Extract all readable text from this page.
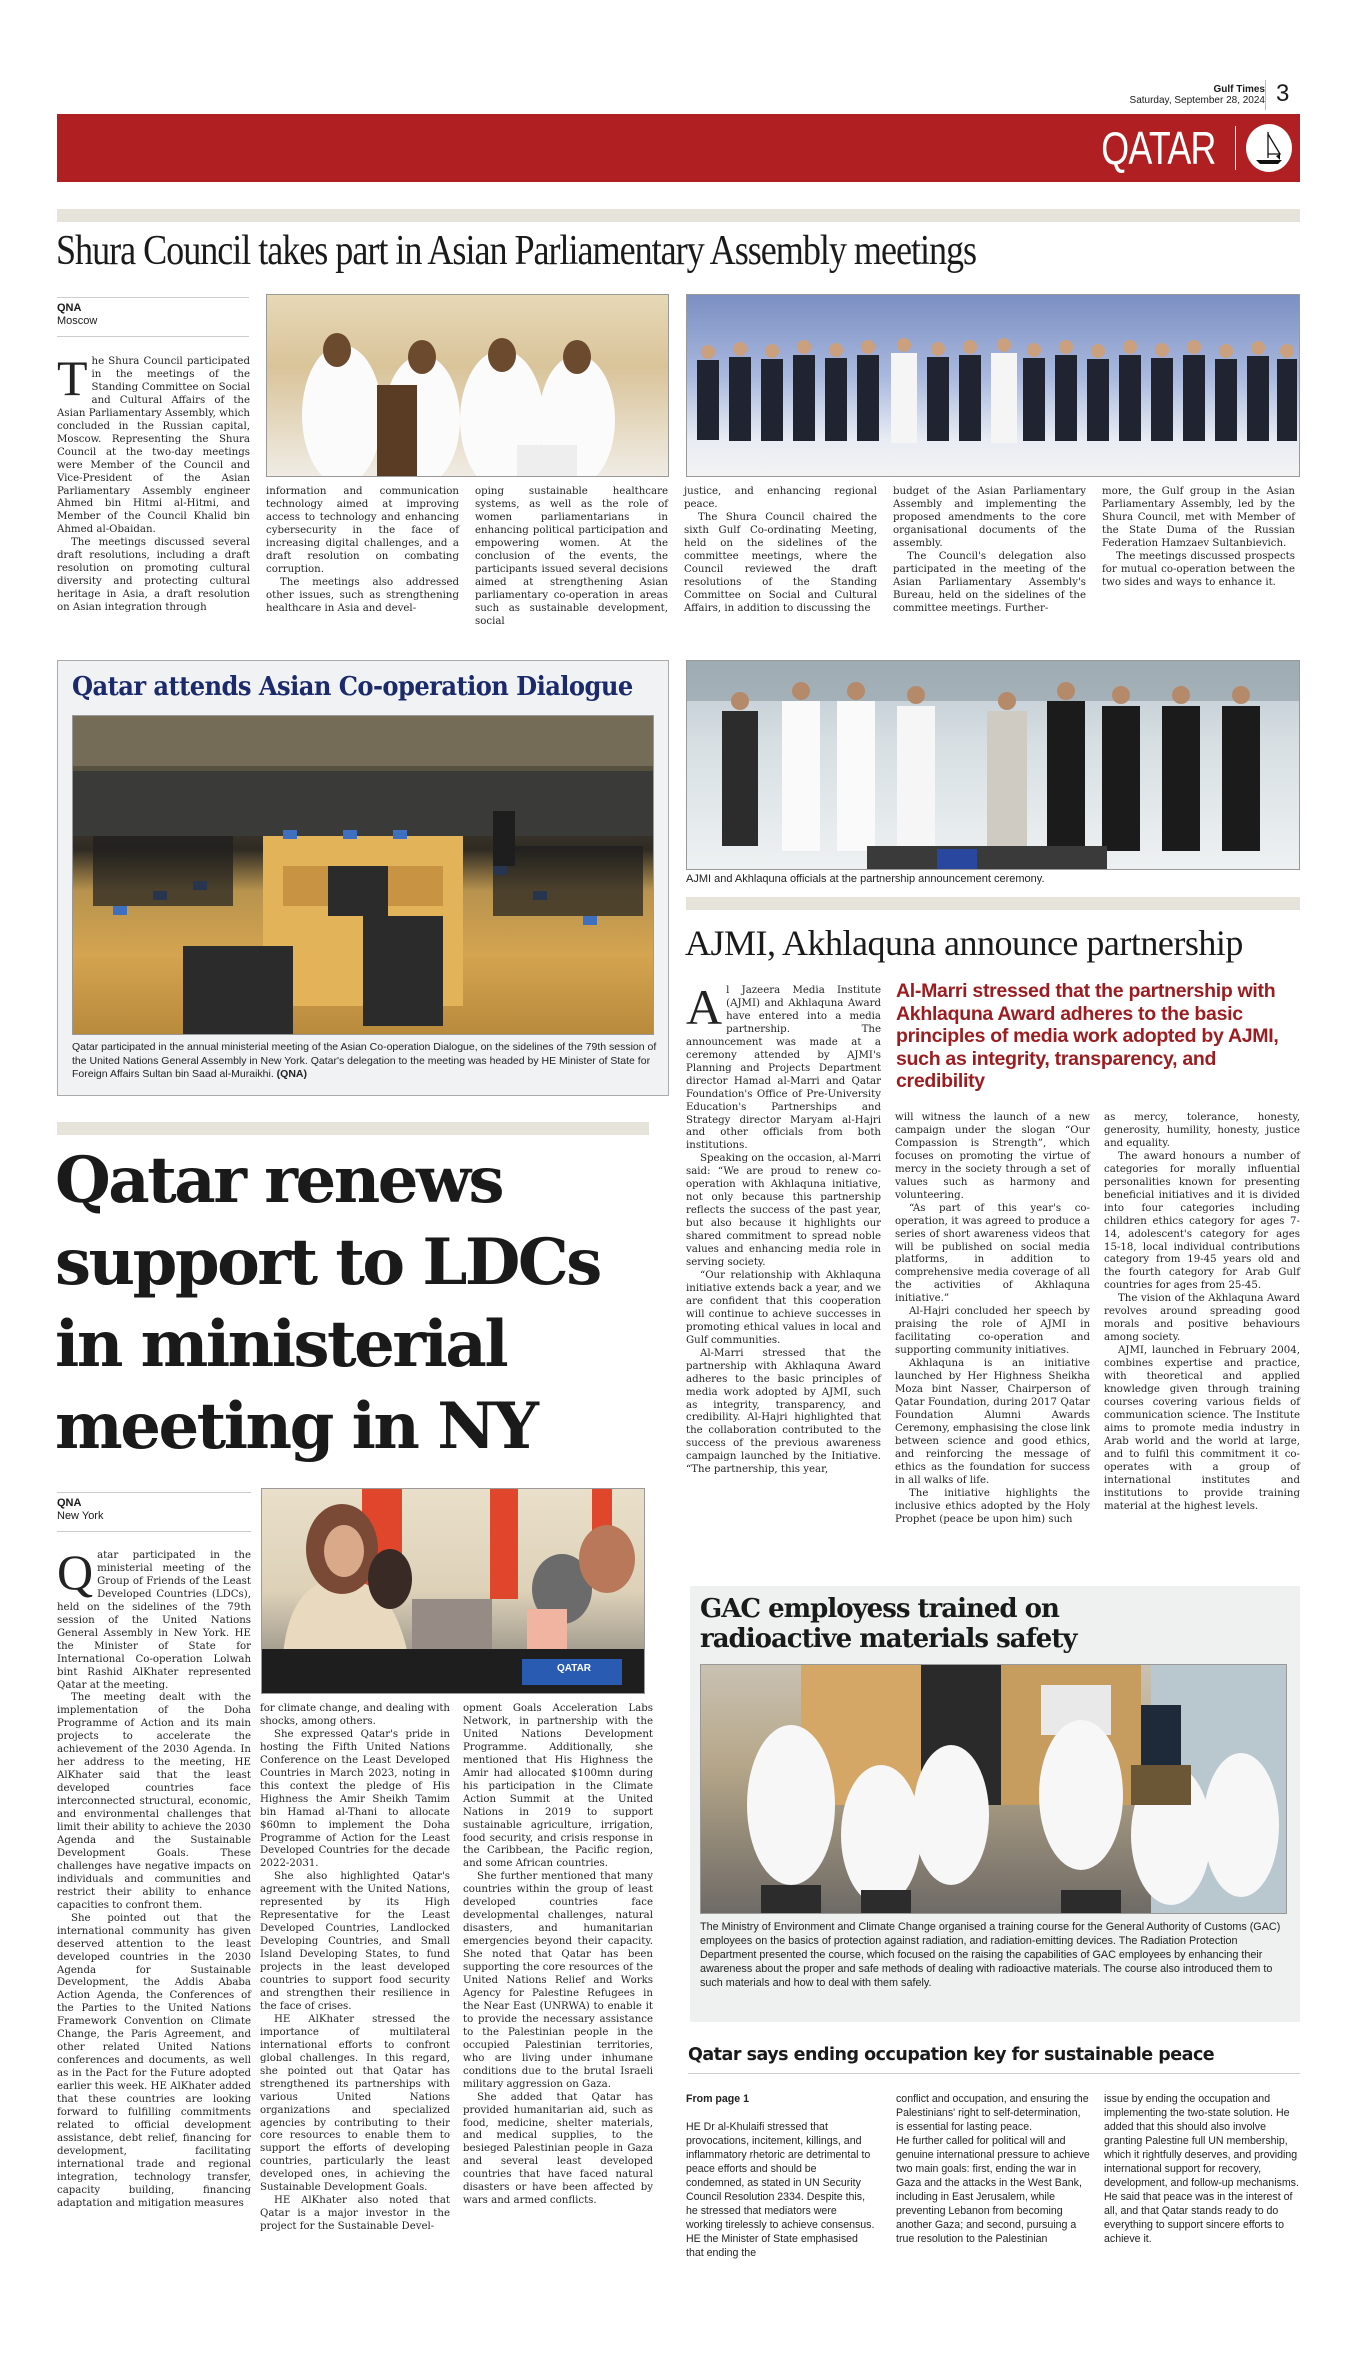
Gulf Times
Saturday, September 28, 2024 3
QATAR
Shura Council takes part in Asian Parliamentary Assembly meetings
QNA
Moscow

The Shura Council participated in the meetings of the Standing Committee on Social and Cultural Affairs of the Asian Parliamentary Assembly, which concluded in the Russian capital, Moscow. Representing the Shura Council at the two-day meetings were Member of the Council and Vice-President of the Asian Parliamentary Assembly engineer Ahmed bin Hitmi al-Hitmi, and Member of the Council Khalid bin Ahmed al-Obaidan.

The meetings discussed several draft resolutions, including a draft resolution on promoting cultural diversity and protecting cultural heritage in Asia, a draft resolution on Asian integration through

information and communication technology aimed at improving access to technology and enhancing cybersecurity in the face of increasing digital challenges, and a draft resolution on combating corruption.

The meetings also addressed other issues, such as strengthening healthcare in Asia and devel-

oping sustainable healthcare systems, as well as the role of women parliamentarians in enhancing political participation and empowering women. At the conclusion of the events, the participants issued several decisions aimed at strengthening Asian parliamentary co-operation in areas such as sustainable development, social

justice, and enhancing regional peace.

The Shura Council chaired the sixth Gulf Co-ordinating Meeting, held on the sidelines of the committee meetings, where the Council reviewed the draft resolutions of the Standing Committee on Social and Cultural Affairs, in addition to discussing the

budget of the Asian Parliamentary Assembly and implementing the proposed amendments to the core organisational documents of the assembly.

The Council's delegation also participated in the meeting of the Asian Parliamentary Assembly's Bureau, held on the sidelines of the committee meetings. Further-

more, the Gulf group in the Asian Parliamentary Assembly, led by the Shura Council, met with Member of the State Duma of the Russian Federation Hamzaev Sultanbievich.

The meetings discussed prospects for mutual co-operation between the two sides and ways to enhance it.

Qatar attends Asian Co-operation Dialogue
Qatar participated in the annual ministerial meeting of the Asian Co-operation Dialogue, on the sidelines of the 79th session of the United Nations General Assembly in New York. Qatar's delegation to the meeting was headed by HE Minister of State for Foreign Affairs Sultan bin Saad al-Muraikhi. (QNA)
AJMI and Akhlaquna officials at the partnership announcement ceremony.
AJMI, Akhlaquna announce partnership
Al-Marri stressed that the partnership with Akhlaquna Award adheres to the basic principles of media work adopted by AJMI, such as integrity, transparency, and credibility

Al Jazeera Media Institute (AJMI) and Akhlaquna Award have entered into a media partnership. The announcement was made at a ceremony attended by AJMI's Planning and Projects Department director Hamad al-Marri and Qatar Foundation's Office of Pre-University Education's Partnerships and Strategy director Maryam al-Hajri and other officials from both institutions.

Speaking on the occasion, al-Marri said: “We are proud to renew co-operation with Akhlaquna initiative, not only because this partnership reflects the success of the past year, but also because it highlights our shared commitment to spread noble values and enhancing media role in serving society.

“Our relationship with Akhlaquna initiative extends back a year, and we are confident that this cooperation will continue to achieve successes in promoting ethical values in local and Gulf communities.

Al-Marri stressed that the partnership with Akhlaquna Award adheres to the basic principles of media work adopted by AJMI, such as integrity, transparency, and credibility. Al-Hajri highlighted that the collaboration contributed to the success of the previous awareness campaign launched by the Initiative. “The partnership, this year,

will witness the launch of a new campaign under the slogan “Our Compassion is Strength”, which focuses on promoting the virtue of mercy in the society through a set of values such as harmony and volunteering.

“As part of this year's co-operation, it was agreed to produce a series of short awareness videos that will be published on social media platforms, in addition to comprehensive media coverage of all the activities of Akhlaquna initiative.”

Al-Hajri concluded her speech by praising the role of AJMI in facilitating co-operation and supporting community initiatives.

Akhlaquna is an initiative launched by Her Highness Sheikha Moza bint Nasser, Chairperson of Qatar Foundation, during 2017 Qatar Foundation Alumni Awards Ceremony, emphasising the close link between science and good ethics, and reinforcing the message of ethics as the foundation for success in all walks of life.

The initiative highlights the inclusive ethics adopted by the Holy Prophet (peace be upon him) such

as mercy, tolerance, honesty, generosity, humility, honesty, justice and equality.

The award honours a number of categories for morally influential personalities known for presenting beneficial initiatives and it is divided into four categories including children ethics category for ages 7-14, adolescent's category for ages 15-18, local individual contributions category from 19-45 years old and the fourth category for Arab Gulf countries for ages from 25-45.

The vision of the Akhlaquna Award revolves around spreading good morals and positive behaviours among society.

AJMI, launched in February 2004, combines expertise and practice, with theoretical and applied knowledge given through training courses covering various fields of communication science. The Institute aims to promote media industry in Arab world and the world at large, and to fulfil this commitment it co-operates with a group of international institutes and institutions to provide training material at the highest levels.

Qatar renews support to LDCs in ministerial meeting in NY
QNA
New York
QATAR

Qatar participated in the ministerial meeting of the Group of Friends of the Least Developed Countries (LDCs), held on the sidelines of the 79th session of the United Nations General Assembly in New York. HE the Minister of State for International Co-operation Lolwah bint Rashid AlKhater represented Qatar at the meeting.

The meeting dealt with the implementation of the Doha Programme of Action and its main projects to accelerate the achievement of the 2030 Agenda. In her address to the meeting, HE AlKhater said that the least developed countries face interconnected structural, economic, and environmental challenges that limit their ability to achieve the 2030 Agenda and the Sustainable Development Goals. These challenges have negative impacts on individuals and communities and restrict their ability to enhance capacities to confront them.

She pointed out that the international community has given deserved attention to the least developed countries in the 2030 Agenda for Sustainable Development, the Addis Ababa Action Agenda, the Conferences of the Parties to the United Nations Framework Convention on Climate Change, the Paris Agreement, and other related United Nations conferences and documents, as well as in the Pact for the Future adopted earlier this week. HE AlKhater added that these countries are looking forward to fulfilling commitments related to official development assistance, debt relief, financing for development, facilitating international trade and regional integration, technology transfer, capacity building, financing adaptation and mitigation measures

for climate change, and dealing with shocks, among others.

She expressed Qatar's pride in hosting the Fifth United Nations Conference on the Least Developed Countries in March 2023, noting in this context the pledge of His Highness the Amir Sheikh Tamim bin Hamad al-Thani to allocate $60mn to implement the Doha Programme of Action for the Least Developed Countries for the decade 2022-2031.

She also highlighted Qatar's agreement with the United Nations, represented by its High Representative for the Least Developed Countries, Landlocked Developing Countries, and Small Island Developing States, to fund projects in the least developed countries to support food security and strengthen their resilience in the face of crises.

HE AlKhater stressed the importance of multilateral international efforts to confront global challenges. In this regard, she pointed out that Qatar has strengthened its partnerships with various United Nations organizations and specialized agencies by contributing to their core resources to enable them to support the efforts of developing countries, particularly the least developed ones, in achieving the Sustainable Development Goals.

HE AlKhater also noted that Qatar is a major investor in the project for the Sustainable Devel-

opment Goals Acceleration Labs Network, in partnership with the United Nations Development Programme. Additionally, she mentioned that His Highness the Amir had allocated $100mn during his participation in the Climate Action Summit at the United Nations in 2019 to support sustainable agriculture, irrigation, food security, and crisis response in the Caribbean, the Pacific region, and some African countries.

She further mentioned that many countries within the group of least developed countries face developmental challenges, natural disasters, and humanitarian emergencies beyond their capacity. She noted that Qatar has been supporting the core resources of the United Nations Relief and Works Agency for Palestine Refugees in the Near East (UNRWA) to enable it to provide the necessary assistance to the Palestinian people in the occupied Palestinian territories, who are living under inhumane conditions due to the brutal Israeli military aggression on Gaza.

She added that Qatar has provided humanitarian aid, such as food, medicine, shelter materials, and medical supplies, to the besieged Palestinian people in Gaza and several least developed countries that have faced natural disasters or have been affected by wars and armed conflicts.

GAC employess trained on radioactive materials safety
The Ministry of Environment and Climate Change organised a training course for the General Authority of Customs (GAC) employees on the basics of protection against radiation, and radiation-emitting devices. The Radiation Protection Department presented the course, which focused on the raising the capabilities of GAC employees by enhancing their awareness about the proper and safe methods of dealing with radioactive materials. The course also introduced them to such materials and how to deal with them safely.
Qatar says ending occupation key for sustainable peace
From page 1
HE Dr al-Khulaifi stressed that provocations, incitement, killings, and inflammatory rhetoric are detrimental to peace efforts and should be condemned, as stated in UN Security Council Resolution 2334. Despite this, he stressed that mediators were working tirelessly to achieve consensus.
HE the Minister of State emphasised that ending the
conflict and occupation, and ensuring the Palestinians' right to self-determination, is essential for lasting peace.
He further called for political will and genuine international pressure to achieve two main goals: first, ending the war in Gaza and the attacks in the West Bank, including in East Jerusalem, while preventing Lebanon from becoming another Gaza; and second, pursuing a true resolution to the Palestinian
issue by ending the occupation and implementing the two-state solution. He added that this should also involve granting Palestine full UN membership, which it rightfully deserves, and providing international support for recovery, development, and follow-up mechanisms.
He said that peace was in the interest of all, and that Qatar stands ready to do everything to support sincere efforts to achieve it.
